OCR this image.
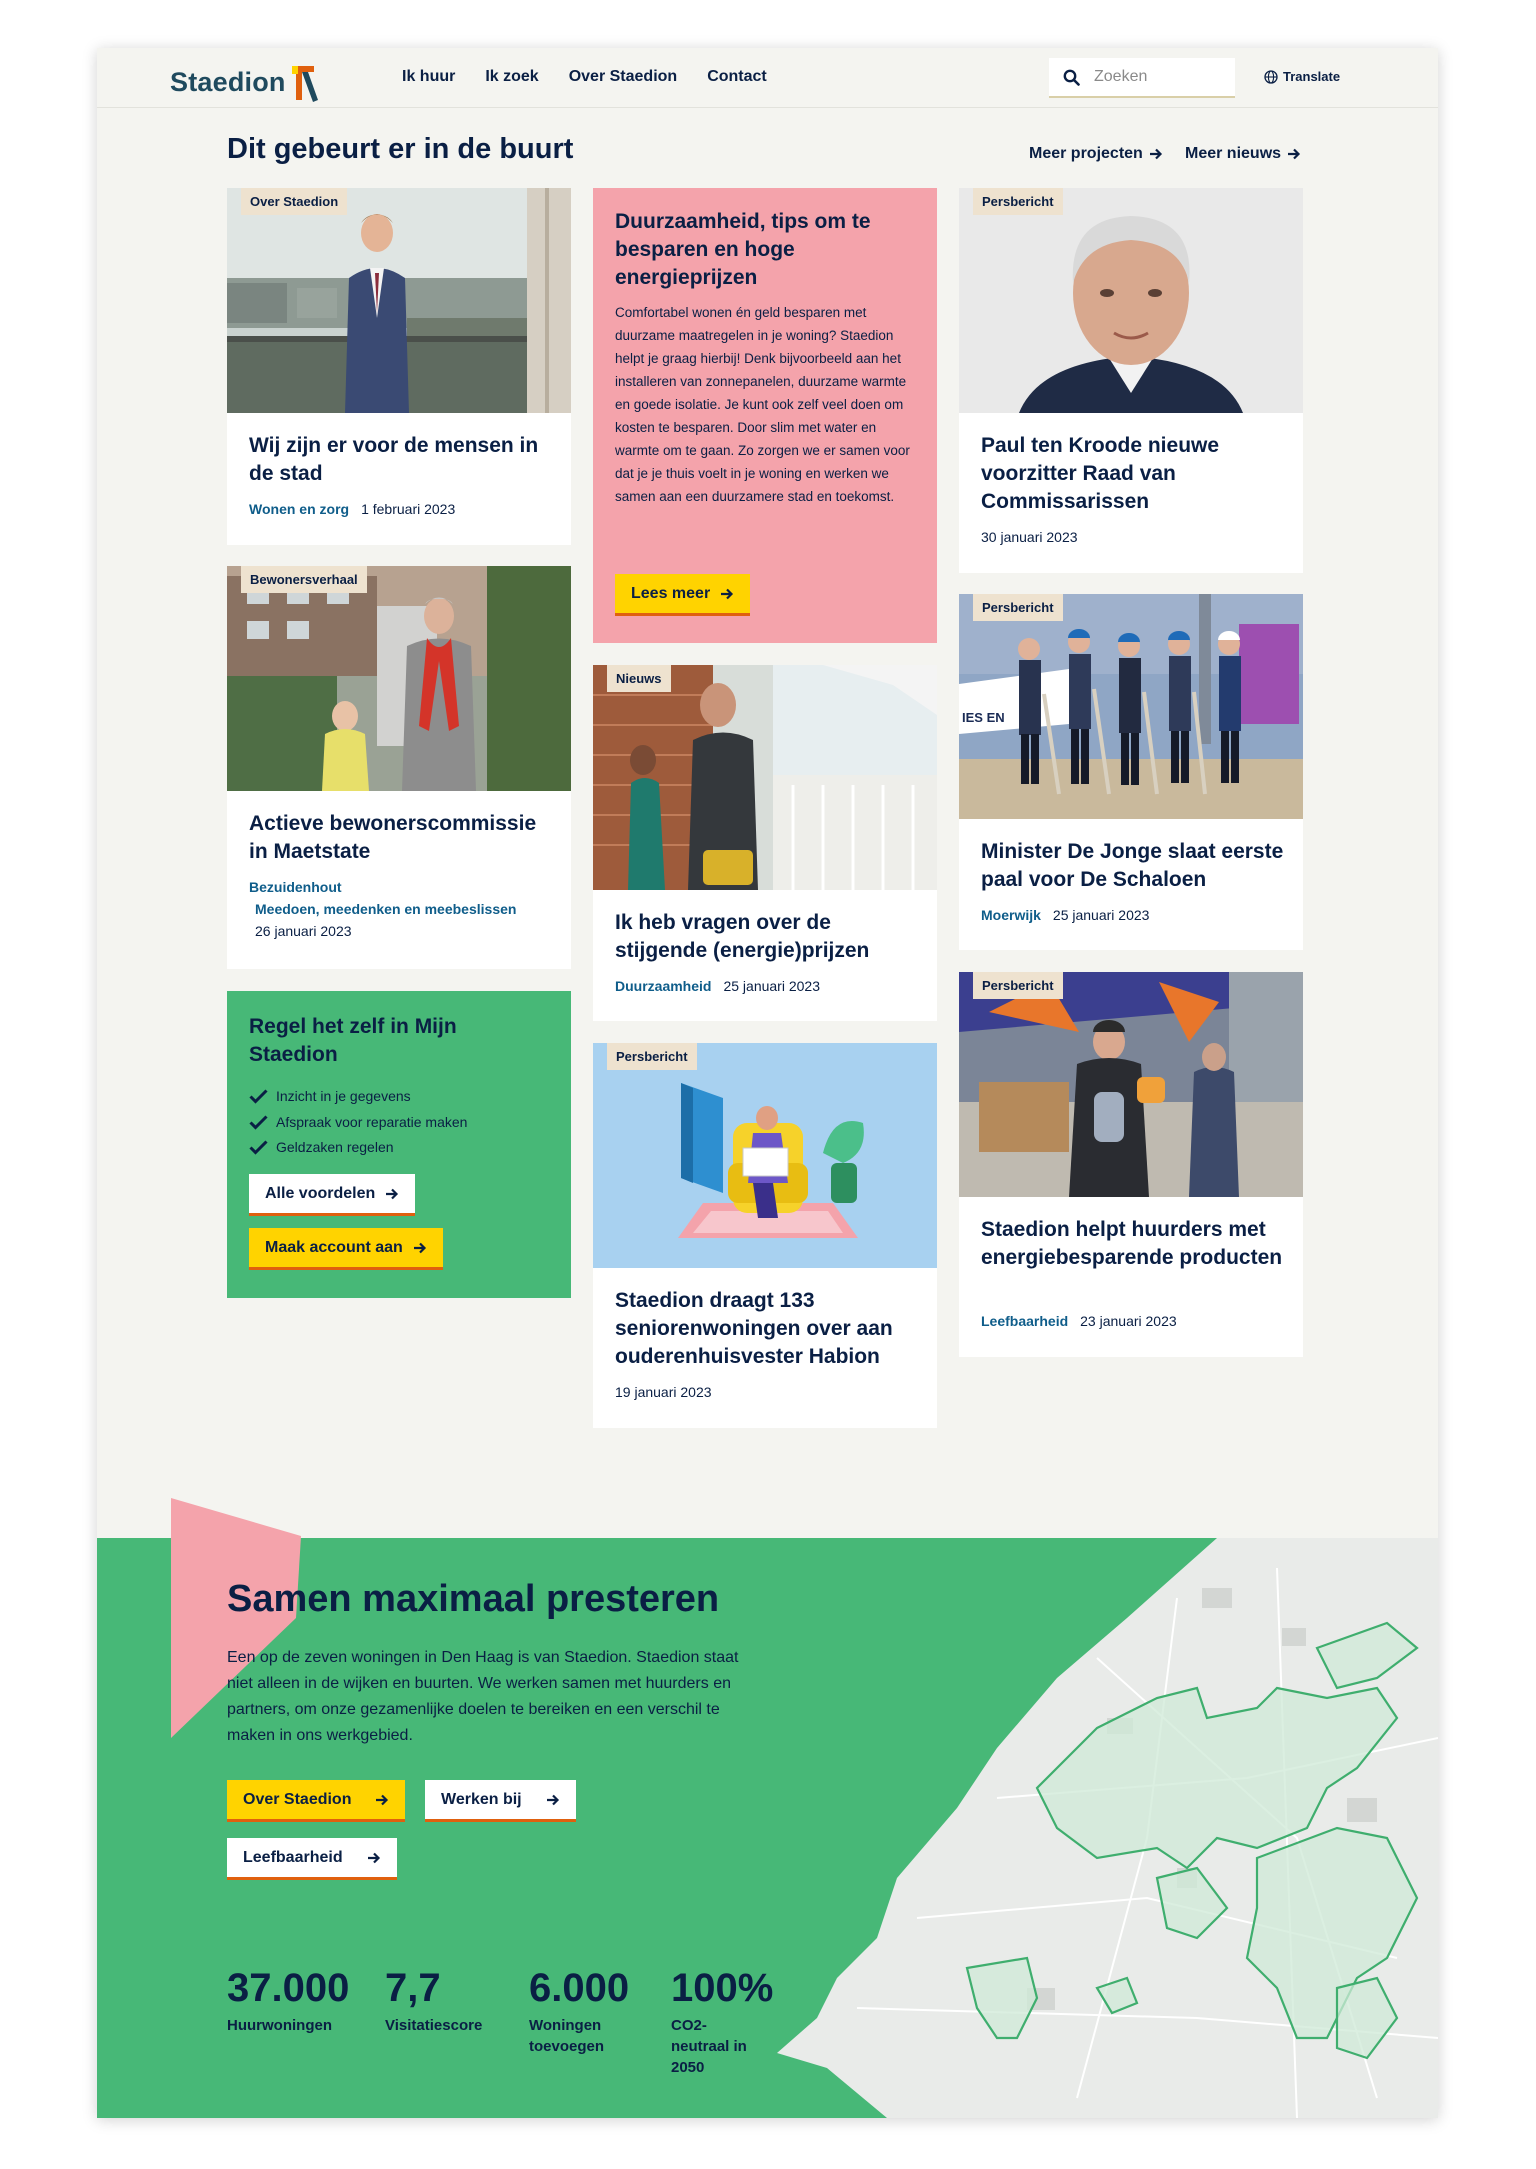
Staedion	Ik huur Ik zoek Over Staedion Contact
Zoeken	Translate
Dit gebeurt er in de buurt	Meer projecten	Meer nieuws
Over Staedion
Wij zijn er voor de mensen in de stad
Wonen en zorg 1 februari 2023
Bewonersverhaal
Actieve bewonerscommissie in Maetstate
Bezuidenhout
Meedoen, meedenken en meebeslissen
26 januari 2023
Regel het zelf in Mijn Staedion
Inzicht in je gegevens
Afspraak voor reparatie maken
Geldzaken regelen
Alle voordelen
Maak account aan
Duurzaamheid, tips om te besparen en hoge energieprijzen
Comfortabel wonen én geld besparen met duurzame maatregelen in je woning? Staedion helpt je graag hierbij! Denk bijvoorbeeld aan het installeren van zonnepanelen, duurzame warmte en goede isolatie. Je kunt ook zelf veel doen om kosten te besparen. Door slim met water en warmte om te gaan. Zo zorgen we er samen voor dat je je thuis voelt in je woning en werken we samen aan een duurzamere stad en toekomst.
Lees meer
Nieuws
Ik heb vragen over de stijgende (energie)prijzen
Duurzaamheid 25 januari 2023
Persbericht
Staedion draagt 133 seniorenwoningen over aan ouderenhuisvester Habion
19 januari 2023
Persbericht
Paul ten Kroode nieuwe voorzitter Raad van Commissarissen
30 januari 2023
IES EN
Persbericht
Minister De Jonge slaat eerste paal voor De Schaloen
Moerwijk 25 januari 2023
Persbericht
Staedion helpt huurders met energiebesparende producten
Leefbaarheid 23 januari 2023
Samen maximaal presteren
Een op de zeven woningen in Den Haag is van Staedion. Staedion staat niet alleen in de wijken en buurten. We werken samen met huurders en partners, om onze gezamenlijke doelen te bereiken en een verschil te maken in ons werkgebied.
Over Staedion	Werken bij
Leefbaarheid
37.000
Huurwoningen
7,7
Visitatiescore
6.000
Woningen toevoegen
100%
CO2-neutraal in 2050
